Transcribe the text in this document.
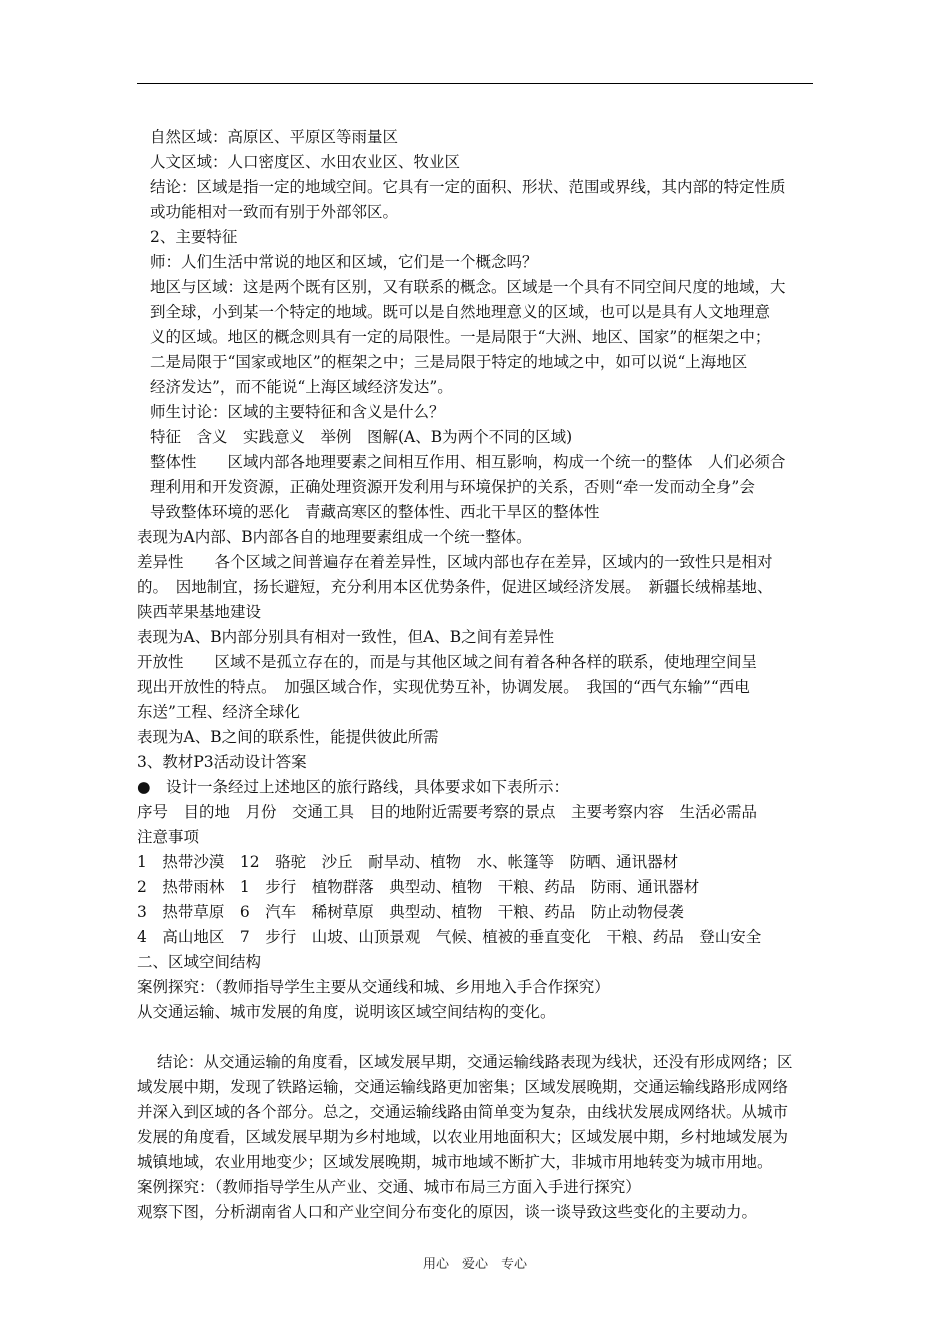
自然区域：高原区、平原区等雨量区
人文区域：人口密度区、水田农业区、牧业区
结论：区域是指一定的地域空间。它具有一定的面积、形状、范围或界线，其内部的特定性质
或功能相对一致而有别于外部邻区。
2、主要特征
师：人们生活中常说的地区和区域，它们是一个概念吗？
地区与区域：这是两个既有区别，又有联系的概念。区域是一个具有不同空间尺度的地域，大
到全球，小到某一个特定的地域。既可以是自然地理意义的区域，也可以是具有人文地理意
义的区域。地区的概念则具有一定的局限性。一是局限于“大洲、地区、国家”的框架之中；
二是局限于“国家或地区”的框架之中；三是局限于特定的地域之中，如可以说“上海地区
经济发达”，而不能说“上海区域经济发达”。
师生讨论：区域的主要特征和含义是什么？
特征　含义　实践意义　举例　图解(A、B为两个不同的区域)
整体性　　区域内部各地理要素之间相互作用、相互影响，构成一个统一的整体　人们必须合
理利用和开发资源，正确处理资源开发利用与环境保护的关系，否则“牵一发而动全身”会
导致整体环境的恶化　青藏高寒区的整体性、西北干旱区的整体性
表现为A内部、B内部各自的地理要素组成一个统一整体。
差异性　　各个区域之间普遍存在着差异性，区域内部也存在差异，区域内的一致性只是相对
的。　因地制宜，扬长避短，充分利用本区优势条件，促进区域经济发展。　新疆长绒棉基地、
陕西苹果基地建设
表现为A、B内部分别具有相对一致性，但A、B之间有差异性
开放性　　区域不是孤立存在的，而是与其他区域之间有着各种各样的联系，使地理空间呈
现出开放性的特点。　加强区域合作，实现优势互补，协调发展。　我国的“西气东输”“西电
东送”工程、经济全球化
表现为A、B之间的联系性，能提供彼此所需
3、教材P3活动设计答案
●　设计一条经过上述地区的旅行路线，具体要求如下表所示：
序号　目的地　月份　交通工具　目的地附近需要考察的景点　主要考察内容　生活必需品
注意事项
1　热带沙漠　12　骆驼　沙丘　耐旱动、植物　水、帐篷等　防晒、通讯器材
2　热带雨林　1　步行　植物群落　典型动、植物　干粮、药品　防雨、通讯器材
3　热带草原　6　汽车　稀树草原　典型动、植物　干粮、药品　防止动物侵袭
4　高山地区　7　步行　山坡、山顶景观　气候、植被的垂直变化　干粮、药品　登山安全
二、区域空间结构
案例探究：（教师指导学生主要从交通线和城、乡用地入手合作探究）
从交通运输、城市发展的角度，说明该区域空间结构的变化。
结论：从交通运输的角度看，区域发展早期，交通运输线路表现为线状，还没有形成网络；区
域发展中期，发现了铁路运输，交通运输线路更加密集；区域发展晚期，交通运输线路形成网络
并深入到区域的各个部分。总之，交通运输线路由简单变为复杂，由线状发展成网络状。从城市
发展的角度看，区域发展早期为乡村地域，以农业用地面积大；区域发展中期，乡村地域发展为
城镇地域，农业用地变少；区域发展晚期，城市地域不断扩大，非城市用地转变为城市用地。
案例探究：（教师指导学生从产业、交通、城市布局三方面入手进行探究）
观察下图，分析湖南省人口和产业空间分布变化的原因，谈一谈导致这些变化的主要动力。
用心　爱心　专心
